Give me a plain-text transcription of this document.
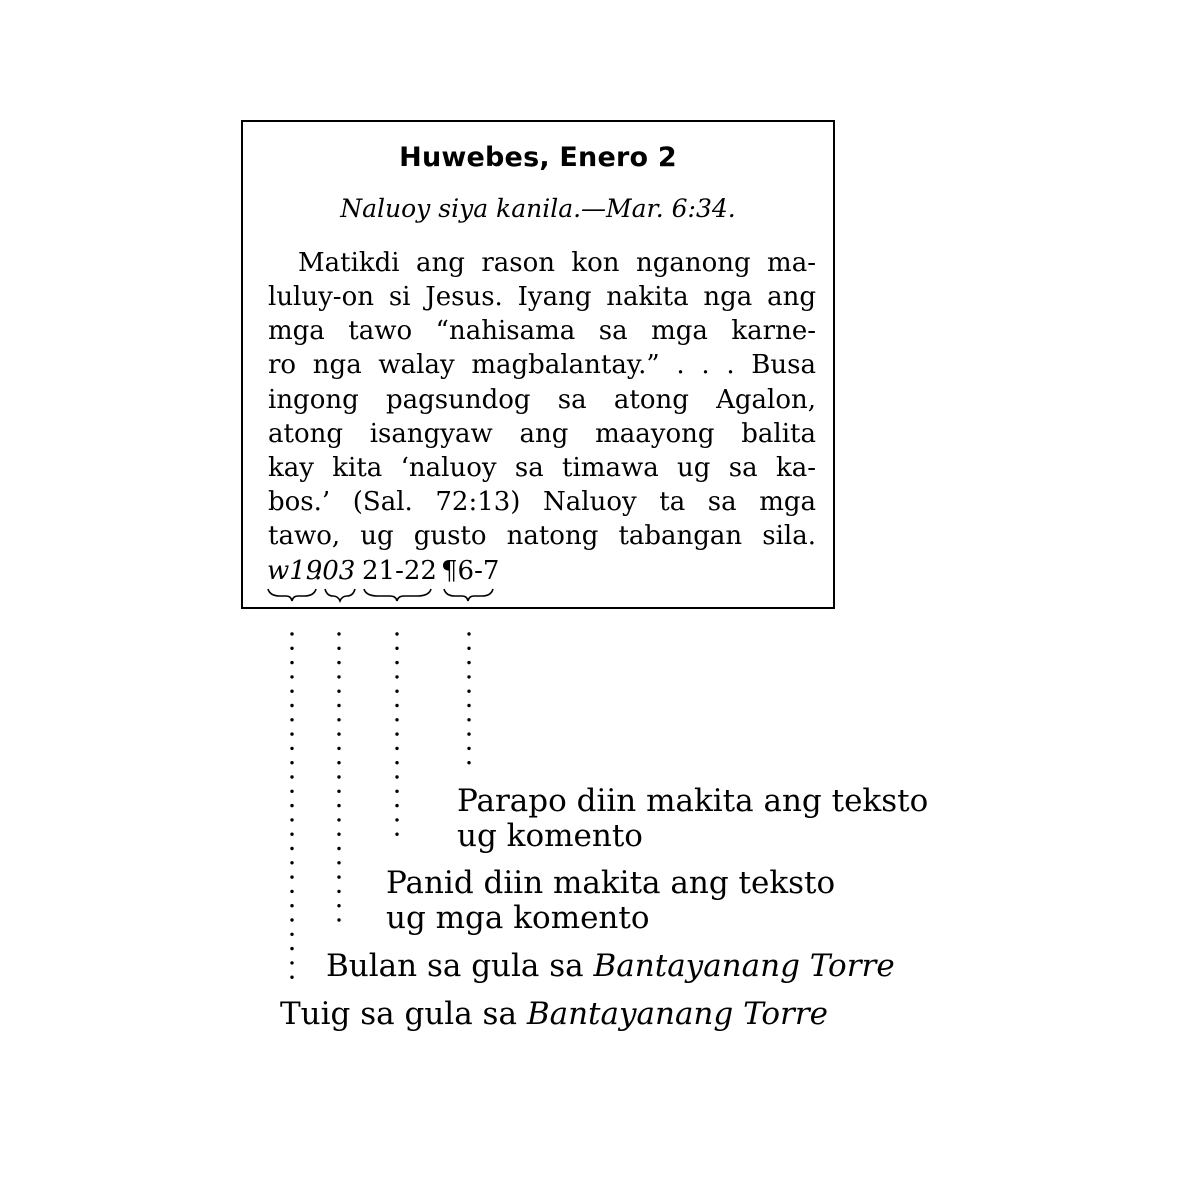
Huwebes, Enero 2
Naluoy siya kanila.—Mar. 6:34.
Matikdi ang rason kon nganong ma-
luluy-on si Jesus. Iyang nakita nga ang
mga tawo “nahisama sa mga karne-
ro nga walay magbalantay.” . . . Busa
ingong pagsundog sa atong Agalon,
atong isangyaw ang maayong balita
kay kita ‘naluoy sa timawa ug sa ka-
bos.’ (Sal. 72:13) Naluoy ta sa mga
tawo, ug gusto natong tabangan sila.
w19
.03 21-22 ¶6-7
Parapo diin makita ang teksto
ug komento
Panid diin makita ang teksto
ug mga komento
Bulan sa gula sa Bantayanang Torre
Tuig sa gula sa Bantayanang Torre
